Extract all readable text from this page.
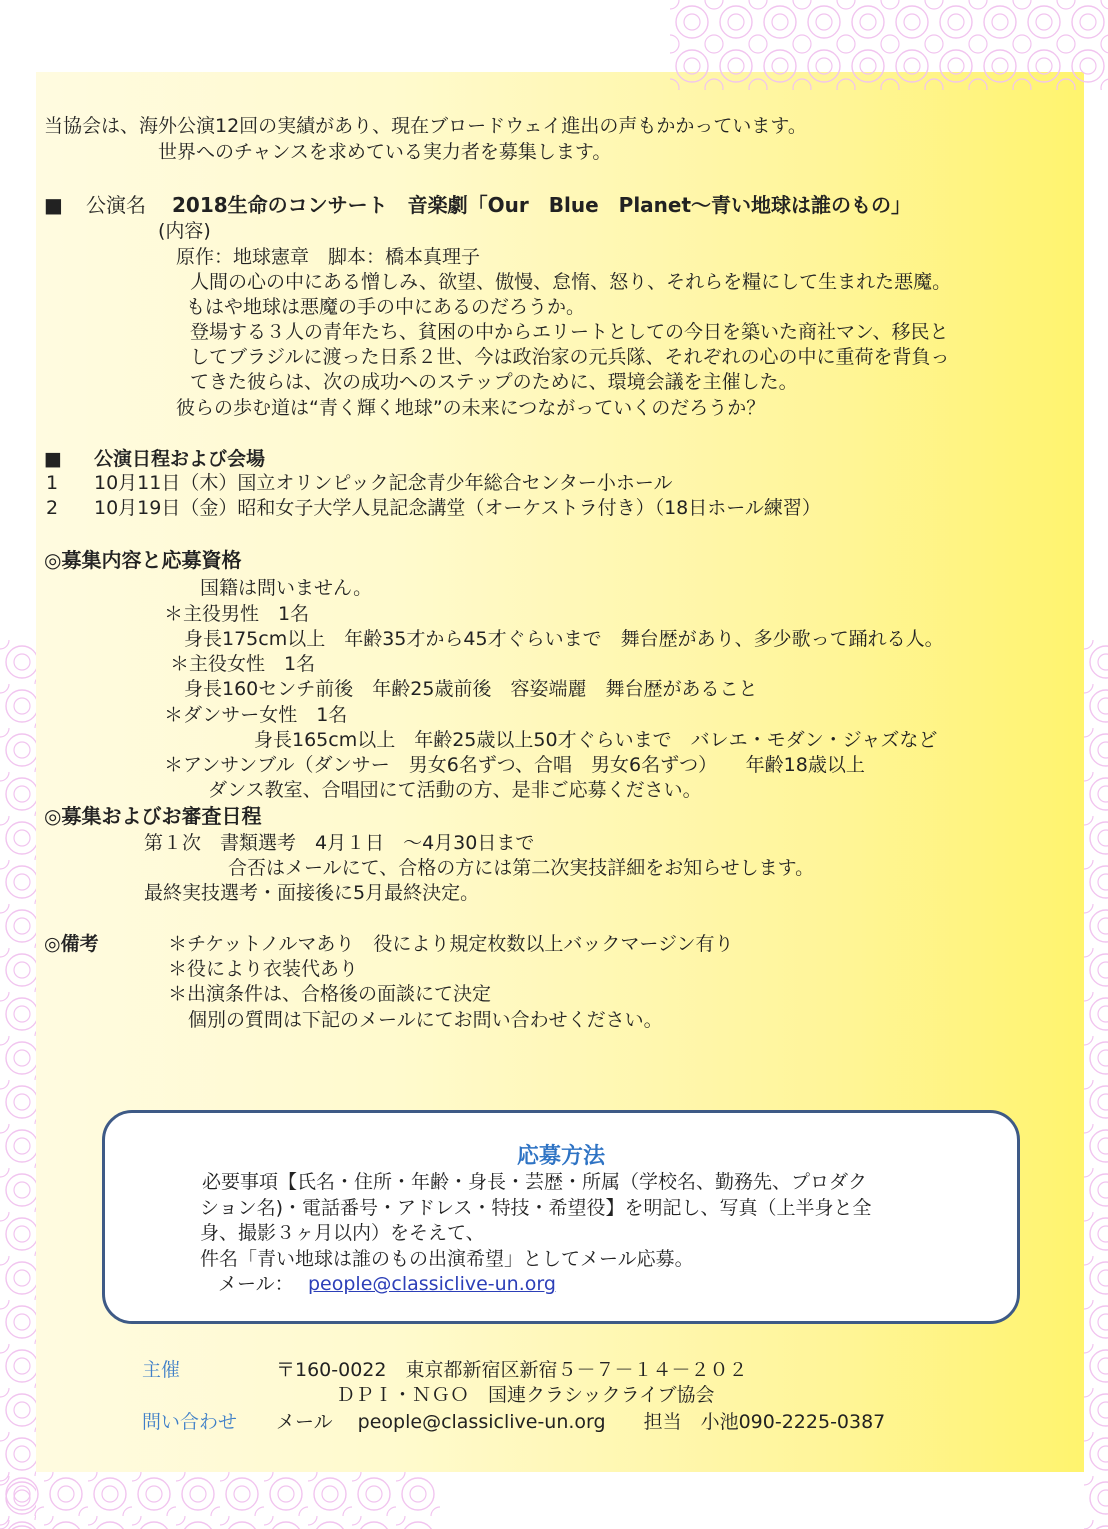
当協会は、海外公演12回の実績があり、現在ブロードウェイ進出の声もかかっています。
世界へのチャンスを求めている実力者を募集します。
■ 公演名 2018生命のコンサート　音楽劇「Our　Blue　Planet～青い地球は誰のもの」
(内容)
原作：地球憲章　脚本：橋本真理子
人間の心の中にある憎しみ、欲望、傲慢、怠惰、怒り、それらを糧にして生まれた悪魔。
もはや地球は悪魔の手の中にあるのだろうか。
登場する３人の青年たち、貧困の中からエリートとしての今日を築いた商社マン、移民と
してブラジルに渡った日系２世、今は政治家の元兵隊、それぞれの心の中に重荷を背負っ
てきた彼らは、次の成功へのステップのために、環境会議を主催した。
彼らの歩む道は“青く輝く地球”の未来につながっていくのだろうか？
■ 公演日程および会場
1 10月11日（木）国立オリンピック記念青少年総合センター小ホール
2 10月19日（金）昭和女子大学人見記念講堂（オーケストラ付き）（18日ホール練習）
◎募集内容と応募資格
国籍は問いません。
＊主役男性　1名
身長175cm以上　年齢35才から45才ぐらいまで　舞台歴があり、多少歌って踊れる人。
＊主役女性　1名
身長160センチ前後　年齢25歳前後　容姿端麗　舞台歴があること
＊ダンサー女性　1名
身長165cm以上　年齢25歳以上50才ぐらいまで　バレエ・モダン・ジャズなど
＊アンサンブル（ダンサー　男女6名ずつ、合唱　男女6名ずつ）　　年齢18歳以上
ダンス教室、合唱団にて活動の方、是非ご応募ください。
◎募集およびお審査日程
第１次　書類選考　4月１日　～4月30日まで
合否はメールにて、合格の方には第二次実技詳細をお知らせします。
最終実技選考・面接後に5月最終決定。
◎備考	＊チケットノルマあり　役により規定枚数以上バックマージン有り
＊役により衣装代あり
＊出演条件は、合格後の面談にて決定
個別の質問は下記のメールにてお問い合わせください。
応募方法
必要事項【氏名・住所・年齢・身長・芸歴・所属（学校名、勤務先、プロダク
ション名)・電話番号・アドレス・特技・希望役】を明記し、写真（上半身と全
身、撮影３ヶ月以内）をそえて、
件名「青い地球は誰のもの出演希望」としてメール応募。
メール： people@classiclive-un.org
主催	〒160-0022　東京都新宿区新宿５－７－１４－２０２
ＤＰＩ・ＮＧＯ　国連クラシックライブ協会
問い合わせ メール　 people@classiclive-un.org　　担当　小池090-2225-0387
